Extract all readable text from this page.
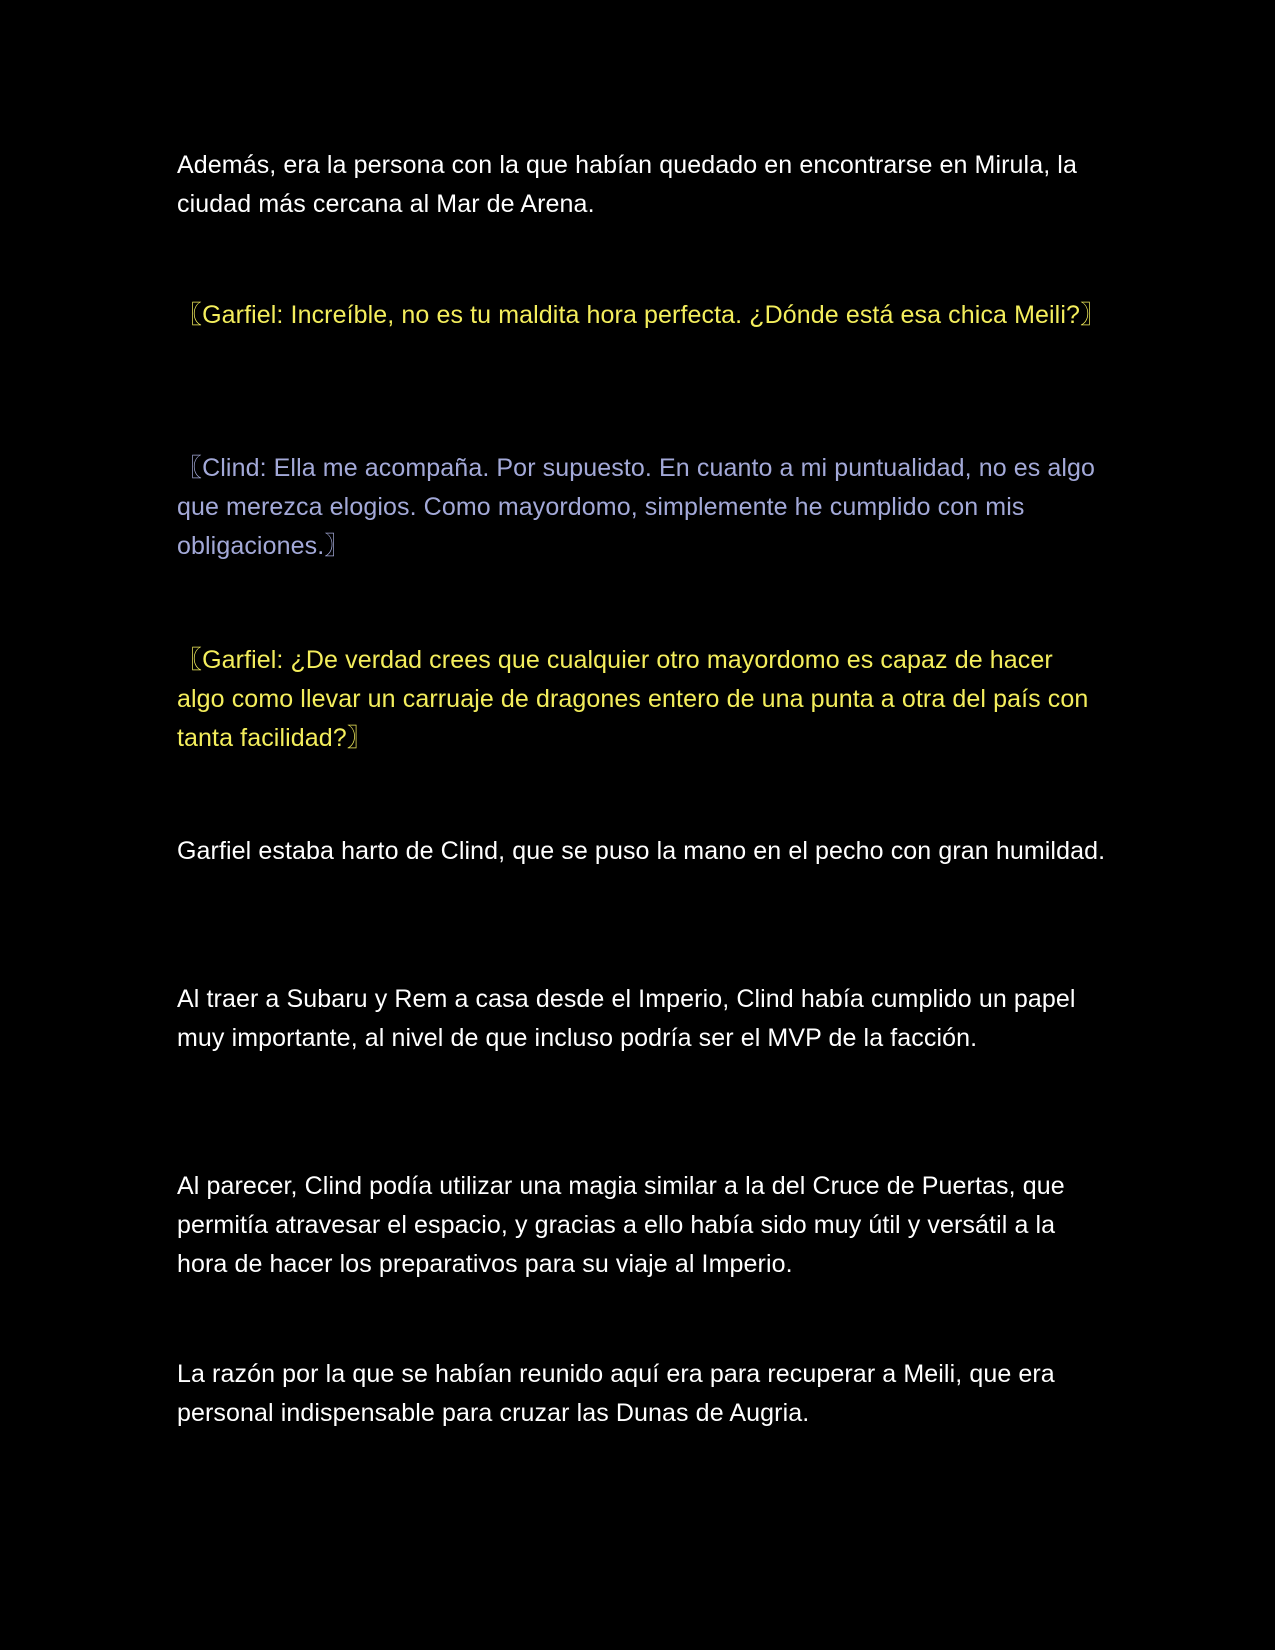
Además, era la persona con la que habían quedado en encontrarse en Mirula, la ciudad más cercana al Mar de Arena.

〖Garfiel: Increíble, no es tu maldita hora perfecta. ¿Dónde está esa chica Meili?〗

〖Clind: Ella me acompaña. Por supuesto. En cuanto a mi puntualidad, no es algo que merezca elogios. Como mayordomo, simplemente he cumplido con mis obligaciones.〗

〖Garfiel: ¿De verdad crees que cualquier otro mayordomo es capaz de hacer algo como llevar un carruaje de dragones entero de una punta a otra del país con tanta facilidad?〗

Garfiel estaba harto de Clind, que se puso la mano en el pecho con gran humildad.

Al traer a Subaru y Rem a casa desde el Imperio, Clind había cumplido un papel muy importante, al nivel de que incluso podría ser el MVP de la facción.

Al parecer, Clind podía utilizar una magia similar a la del Cruce de Puertas, que permitía atravesar el espacio, y gracias a ello había sido muy útil y versátil a la hora de hacer los preparativos para su viaje al Imperio.

La razón por la que se habían reunido aquí era para recuperar a Meili, que era personal indispensable para cruzar las Dunas de Augria.
